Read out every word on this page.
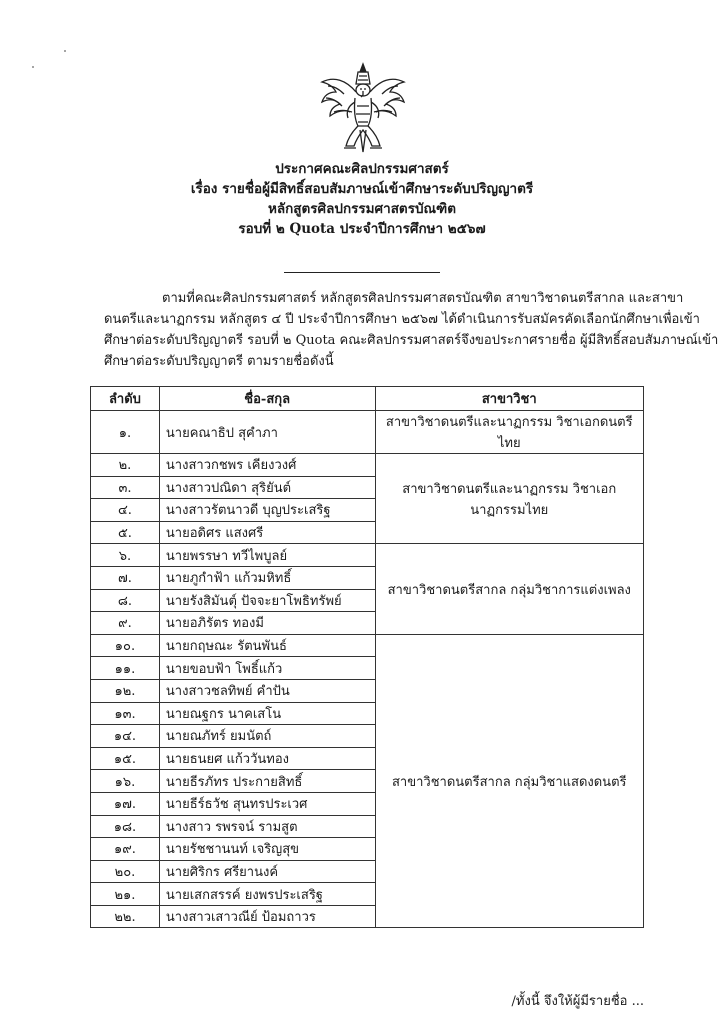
ประกาศคณะศิลปกรรมศาสตร์
เรื่อง รายชื่อผู้มีสิทธิ์สอบสัมภาษณ์เข้าศึกษาระดับปริญญาตรี
หลักสูตรศิลปกรรมศาสตรบัณฑิต
รอบที่ ๒ Quota ประจำปีการศึกษา ๒๕๖๗
ตามที่คณะศิลปกรรมศาสตร์ หลักสูตรศิลปกรรมศาสตรบัณฑิต สาขาวิชาดนตรีสากล และสาขา
ดนตรีและนาฏกรรม หลักสูตร ๔ ปี ประจำปีการศึกษา ๒๕๖๗ ได้ดำเนินการรับสมัครคัดเลือกนักศึกษาเพื่อเข้า
ศึกษาต่อระดับปริญญาตรี รอบที่ ๒ Quota คณะศิลปกรรมศาสตร์จึงขอประกาศรายชื่อ ผู้มีสิทธิ์สอบสัมภาษณ์เข้า
ศึกษาต่อระดับปริญญาตรี ตามรายชื่อดังนี้
ลำดับ	ชื่อ-สกุล	สาขาวิชา
๑.	นายคณาธิป สุคำภา	สาขาวิชาดนตรีและนาฏกรรม วิชาเอกดนตรีไทย
๒.	นางสาวกชพร เคียงวงศ์	สาขาวิชาดนตรีและนาฏกรรม วิชาเอกนาฏกรรมไทย
๓.	นางสาวปณิดา สุริยันต์	
๔.	นางสาวรัตนาวดี บุญประเสริฐ	
๕.	นายอดิศร แสงศรี	
๖.	นายพรรษา ทวีไพบูลย์	สาขาวิชาดนตรีสากล กลุ่มวิชาการแต่งเพลง
๗.	นายภูกำฟ้า แก้วมหิทธิ์	
๘.	นายรังสิมันตุ์ ปัจจะยาโพธิทรัพย์	
๙.	นายอภิรัตร ทองมี	
๑๐.	นายกฤษณะ รัตนพันธ์	สาขาวิชาดนตรีสากล กลุ่มวิชาแสดงดนตรี
๑๑.	นายขอบฟ้า โพธิ์แก้ว	
๑๒.	นางสาวชลทิพย์ คำปัน	
๑๓.	นายณฐกร นาคเสโน	
๑๔.	นายณภัทร์ ยมนัตถ์	
๑๕.	นายธนยศ แก้ววันทอง	
๑๖.	นายธีรภัทร ประกายสิทธิ์	
๑๗.	นายธีร์ธวัช สุนทรประเวศ	
๑๘.	นางสาว รพรจน์ รามสูต	
๑๙.	นายรัชชานนท์ เจริญสุข	
๒๐.	นายศิริกร ศรียานงค์	
๒๑.	นายเสกสรรค์ ยงพรประเสริฐ	
๒๒.	นางสาวเสาวณีย์ ป้อมถาวร	
/ทั้งนี้ จึงให้ผู้มีรายชื่อ ...
